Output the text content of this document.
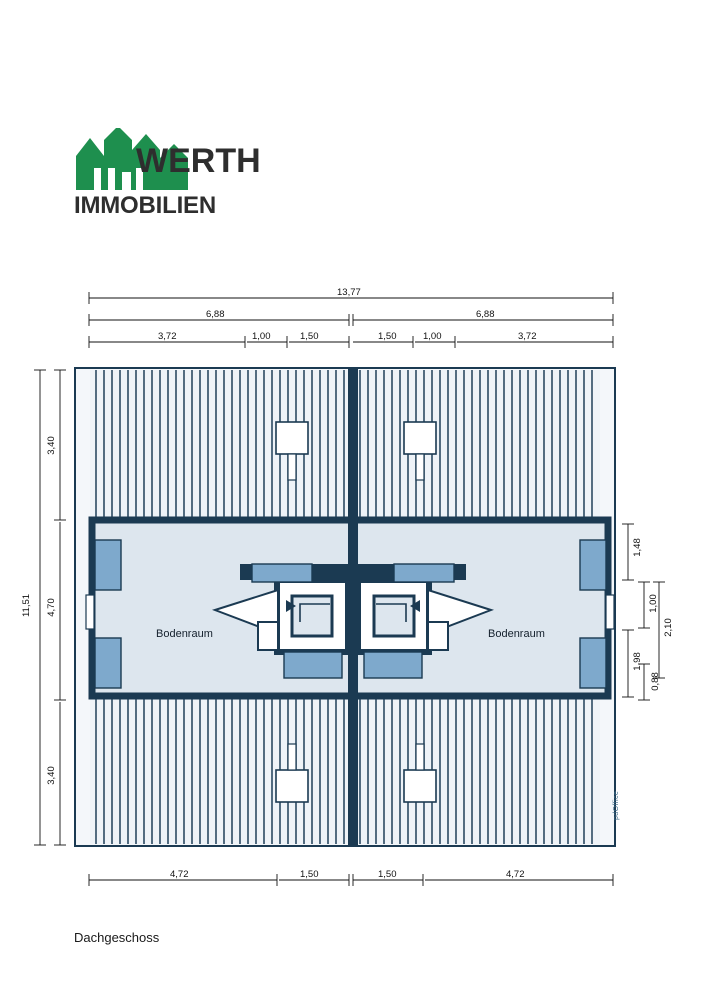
WERTH
IMMOBILIEN
Bodenraum	Bodenraum
13,77
6,88	6,88
3,72	1,00	1,50	1,50	1,00	3,72
4,72	1,50	1,50	4,72
11,51
3,40
4,70
3,40
1,48
1,00
2,10
1,98
0,88
pdOffice
Dachgeschoss
